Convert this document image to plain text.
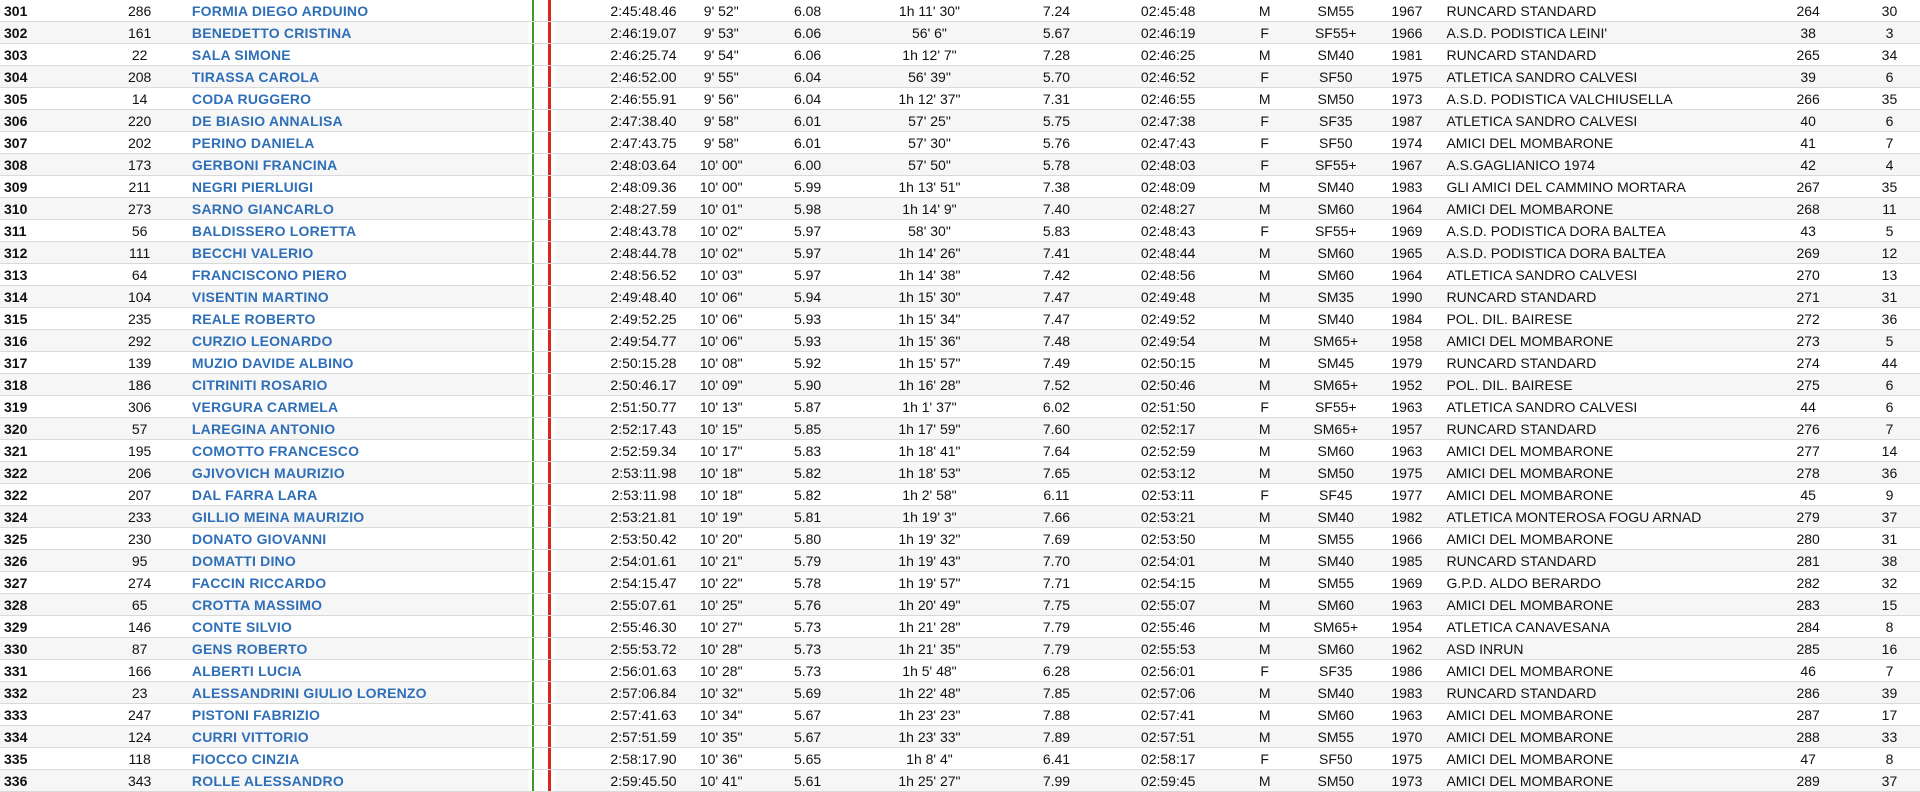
301	286	FORMIA DIEGO ARDUINO				2:45:48.46	9' 52"	6.08	1h 11' 30"	7.24	02:45:48	M	SM55	1967	RUNCARD STANDARD	264	30
302	161	BENEDETTO CRISTINA				2:46:19.07	9' 53"	6.06	56' 6"	5.67	02:46:19	F	SF55+	1966	A.S.D. PODISTICA LEINI'	38	3
303	22	SALA SIMONE				2:46:25.74	9' 54"	6.06	1h 12' 7"	7.28	02:46:25	M	SM40	1981	RUNCARD STANDARD	265	34
304	208	TIRASSA CAROLA				2:46:52.00	9' 55"	6.04	56' 39"	5.70	02:46:52	F	SF50	1975	ATLETICA SANDRO CALVESI	39	6
305	14	CODA RUGGERO				2:46:55.91	9' 56"	6.04	1h 12' 37"	7.31	02:46:55	M	SM50	1973	A.S.D. PODISTICA VALCHIUSELLA	266	35
306	220	DE BIASIO ANNALISA				2:47:38.40	9' 58"	6.01	57' 25"	5.75	02:47:38	F	SF35	1987	ATLETICA SANDRO CALVESI	40	6
307	202	PERINO DANIELA				2:47:43.75	9' 58"	6.01	57' 30"	5.76	02:47:43	F	SF50	1974	AMICI DEL MOMBARONE	41	7
308	173	GERBONI FRANCINA				2:48:03.64	10' 00"	6.00	57' 50"	5.78	02:48:03	F	SF55+	1967	A.S.GAGLIANICO 1974	42	4
309	211	NEGRI PIERLUIGI				2:48:09.36	10' 00"	5.99	1h 13' 51"	7.38	02:48:09	M	SM40	1983	GLI AMICI DEL CAMMINO MORTARA	267	35
310	273	SARNO GIANCARLO				2:48:27.59	10' 01"	5.98	1h 14' 9"	7.40	02:48:27	M	SM60	1964	AMICI DEL MOMBARONE	268	11
311	56	BALDISSERO LORETTA				2:48:43.78	10' 02"	5.97	58' 30"	5.83	02:48:43	F	SF55+	1969	A.S.D. PODISTICA DORA BALTEA	43	5
312	111	BECCHI VALERIO				2:48:44.78	10' 02"	5.97	1h 14' 26"	7.41	02:48:44	M	SM60	1965	A.S.D. PODISTICA DORA BALTEA	269	12
313	64	FRANCISCONO PIERO				2:48:56.52	10' 03"	5.97	1h 14' 38"	7.42	02:48:56	M	SM60	1964	ATLETICA SANDRO CALVESI	270	13
314	104	VISENTIN MARTINO				2:49:48.40	10' 06"	5.94	1h 15' 30"	7.47	02:49:48	M	SM35	1990	RUNCARD STANDARD	271	31
315	235	REALE ROBERTO				2:49:52.25	10' 06"	5.93	1h 15' 34"	7.47	02:49:52	M	SM40	1984	POL. DIL. BAIRESE	272	36
316	292	CURZIO LEONARDO				2:49:54.77	10' 06"	5.93	1h 15' 36"	7.48	02:49:54	M	SM65+	1958	AMICI DEL MOMBARONE	273	5
317	139	MUZIO DAVIDE ALBINO				2:50:15.28	10' 08"	5.92	1h 15' 57"	7.49	02:50:15	M	SM45	1979	RUNCARD STANDARD	274	44
318	186	CITRINITI ROSARIO				2:50:46.17	10' 09"	5.90	1h 16' 28"	7.52	02:50:46	M	SM65+	1952	POL. DIL. BAIRESE	275	6
319	306	VERGURA CARMELA				2:51:50.77	10' 13"	5.87	1h 1' 37"	6.02	02:51:50	F	SF55+	1963	ATLETICA SANDRO CALVESI	44	6
320	57	LAREGINA ANTONIO				2:52:17.43	10' 15"	5.85	1h 17' 59"	7.60	02:52:17	M	SM65+	1957	RUNCARD STANDARD	276	7
321	195	COMOTTO FRANCESCO				2:52:59.34	10' 17"	5.83	1h 18' 41"	7.64	02:52:59	M	SM60	1963	AMICI DEL MOMBARONE	277	14
322	206	GJIVOVICH MAURIZIO				2:53:11.98	10' 18"	5.82	1h 18' 53"	7.65	02:53:12	M	SM50	1975	AMICI DEL MOMBARONE	278	36
322	207	DAL FARRA LARA				2:53:11.98	10' 18"	5.82	1h 2' 58"	6.11	02:53:11	F	SF45	1977	AMICI DEL MOMBARONE	45	9
324	233	GILLIO MEINA MAURIZIO				2:53:21.81	10' 19"	5.81	1h 19' 3"	7.66	02:53:21	M	SM40	1982	ATLETICA MONTEROSA FOGU ARNAD	279	37
325	230	DONATO GIOVANNI				2:53:50.42	10' 20"	5.80	1h 19' 32"	7.69	02:53:50	M	SM55	1966	AMICI DEL MOMBARONE	280	31
326	95	DOMATTI DINO				2:54:01.61	10' 21"	5.79	1h 19' 43"	7.70	02:54:01	M	SM40	1985	RUNCARD STANDARD	281	38
327	274	FACCIN RICCARDO				2:54:15.47	10' 22"	5.78	1h 19' 57"	7.71	02:54:15	M	SM55	1969	G.P.D. ALDO BERARDO	282	32
328	65	CROTTA MASSIMO				2:55:07.61	10' 25"	5.76	1h 20' 49"	7.75	02:55:07	M	SM60	1963	AMICI DEL MOMBARONE	283	15
329	146	CONTE SILVIO				2:55:46.30	10' 27"	5.73	1h 21' 28"	7.79	02:55:46	M	SM65+	1954	ATLETICA CANAVESANA	284	8
330	87	GENS ROBERTO				2:55:53.72	10' 28"	5.73	1h 21' 35"	7.79	02:55:53	M	SM60	1962	ASD INRUN	285	16
331	166	ALBERTI LUCIA				2:56:01.63	10' 28"	5.73	1h 5' 48"	6.28	02:56:01	F	SF35	1986	AMICI DEL MOMBARONE	46	7
332	23	ALESSANDRINI GIULIO LORENZO				2:57:06.84	10' 32"	5.69	1h 22' 48"	7.85	02:57:06	M	SM40	1983	RUNCARD STANDARD	286	39
333	247	PISTONI FABRIZIO				2:57:41.63	10' 34"	5.67	1h 23' 23"	7.88	02:57:41	M	SM60	1963	AMICI DEL MOMBARONE	287	17
334	124	CURRI VITTORIO				2:57:51.59	10' 35"	5.67	1h 23' 33"	7.89	02:57:51	M	SM55	1970	AMICI DEL MOMBARONE	288	33
335	118	FIOCCO CINZIA				2:58:17.90	10' 36"	5.65	1h 8' 4"	6.41	02:58:17	F	SF50	1975	AMICI DEL MOMBARONE	47	8
336	343	ROLLE ALESSANDRO				2:59:45.50	10' 41"	5.61	1h 25' 27"	7.99	02:59:45	M	SM50	1973	AMICI DEL MOMBARONE	289	37
